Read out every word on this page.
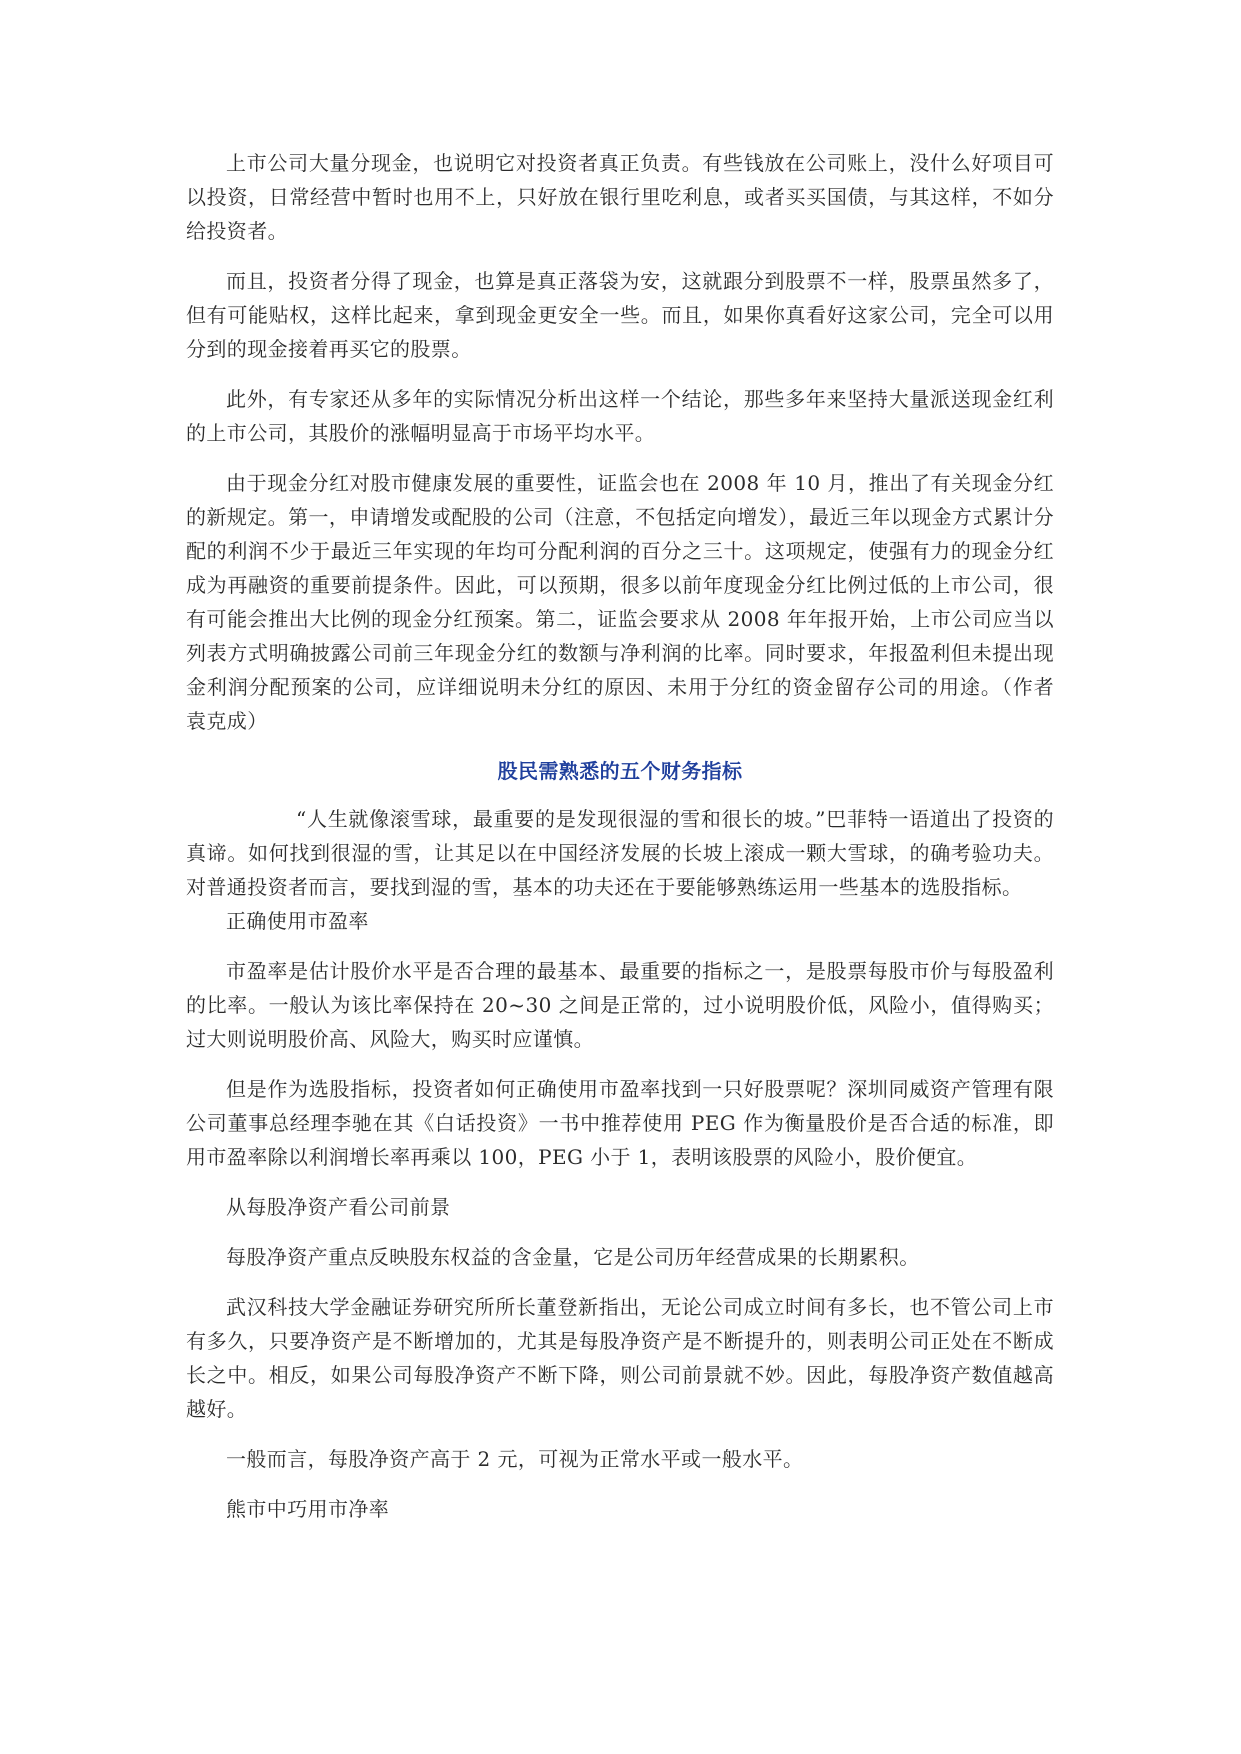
上市公司大量分现金，也说明它对投资者真正负责。有些钱放在公司账上，没什么好项目可以投资，日常经营中暂时也用不上，只好放在银行里吃利息，或者买买国债，与其这样，不如分给投资者。

而且，投资者分得了现金，也算是真正落袋为安，这就跟分到股票不一样，股票虽然多了，但有可能贴权，这样比起来，拿到现金更安全一些。而且，如果你真看好这家公司，完全可以用分到的现金接着再买它的股票。

此外，有专家还从多年的实际情况分析出这样一个结论，那些多年来坚持大量派送现金红利的上市公司，其股价的涨幅明显高于市场平均水平。

由于现金分红对股市健康发展的重要性，证监会也在 2008 年 10 月，推出了有关现金分红的新规定。第一，申请增发或配股的公司（注意，不包括定向增发），最近三年以现金方式累计分配的利润不少于最近三年实现的年均可分配利润的百分之三十。这项规定，使强有力的现金分红成为再融资的重要前提条件。因此，可以预期，很多以前年度现金分红比例过低的上市公司，很有可能会推出大比例的现金分红预案。第二，证监会要求从 2008 年年报开始，上市公司应当以列表方式明确披露公司前三年现金分红的数额与净利润的比率。同时要求，年报盈利但未提出现金利润分配预案的公司，应详细说明未分红的原因、未用于分红的资金留存公司的用途。（作者 袁克成）

股民需熟悉的五个财务指标

“人生就像滚雪球，最重要的是发现很湿的雪和很长的坡。”巴菲特一语道出了投资的真谛。如何找到很湿的雪，让其足以在中国经济发展的长坡上滚成一颗大雪球，的确考验功夫。对普通投资者而言，要找到湿的雪，基本的功夫还在于要能够熟练运用一些基本的选股指标。

正确使用市盈率

市盈率是估计股价水平是否合理的最基本、最重要的指标之一，是股票每股市价与每股盈利的比率。一般认为该比率保持在 20~30 之间是正常的，过小说明股价低，风险小，值得购买；过大则说明股价高、风险大，购买时应谨慎。

但是作为选股指标，投资者如何正确使用市盈率找到一只好股票呢？深圳同威资产管理有限公司董事总经理李驰在其《白话投资》一书中推荐使用 PEG 作为衡量股价是否合适的标准，即用市盈率除以利润增长率再乘以 100，PEG 小于 1，表明该股票的风险小，股价便宜。

从每股净资产看公司前景

每股净资产重点反映股东权益的含金量，它是公司历年经营成果的长期累积。

武汉科技大学金融证券研究所所长董登新指出，无论公司成立时间有多长，也不管公司上市有多久，只要净资产是不断增加的，尤其是每股净资产是不断提升的，则表明公司正处在不断成长之中。相反，如果公司每股净资产不断下降，则公司前景就不妙。因此，每股净资产数值越高越好。

一般而言，每股净资产高于 2 元，可视为正常水平或一般水平。

熊市中巧用市净率
